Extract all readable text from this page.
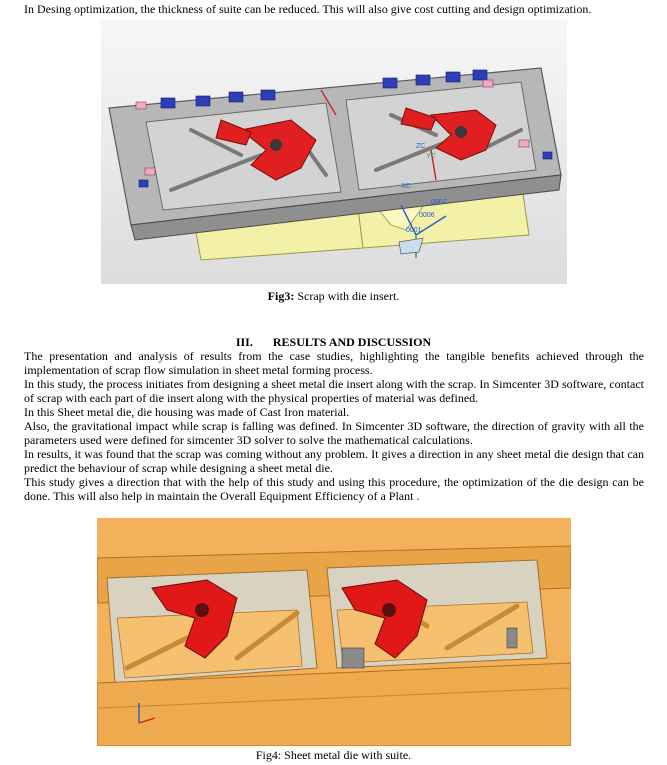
In Desing optimization, the thickness of suite can be reduced. This will also give cost cutting and design optimization.
XC
YC
ZC
0007
0006
0001
Fig3: Scrap with die insert.
III. RESULTS AND DISCUSSION

The presentation and analysis of results from the case studies, highlighting the tangible benefits achieved through the implementation of scrap flow simulation in sheet metal forming process.

In this study, the process initiates from designing a sheet metal die insert along with the scrap. In Simcenter 3D software, contact of scrap with each part of die insert along with the physical properties of material was defined.

In this Sheet metal die, die housing was made of Cast Iron material.

Also, the gravitational impact while scrap is falling was defined. In Simcenter 3D software, the direction of gravity with all the parameters used were defined for simcenter 3D solver to solve the mathematical calculations.

In results, it was found that the scrap was coming without any problem. It gives a direction in any sheet metal die design that can predict the behaviour of scrap while designing a sheet metal die.

This study gives a direction that with the help of this study and using this procedure, the optimization of the die design can be done. This will also help in maintain the Overall Equipment Efficiency of a Plant .

Fig4: Sheet metal die with suite.
